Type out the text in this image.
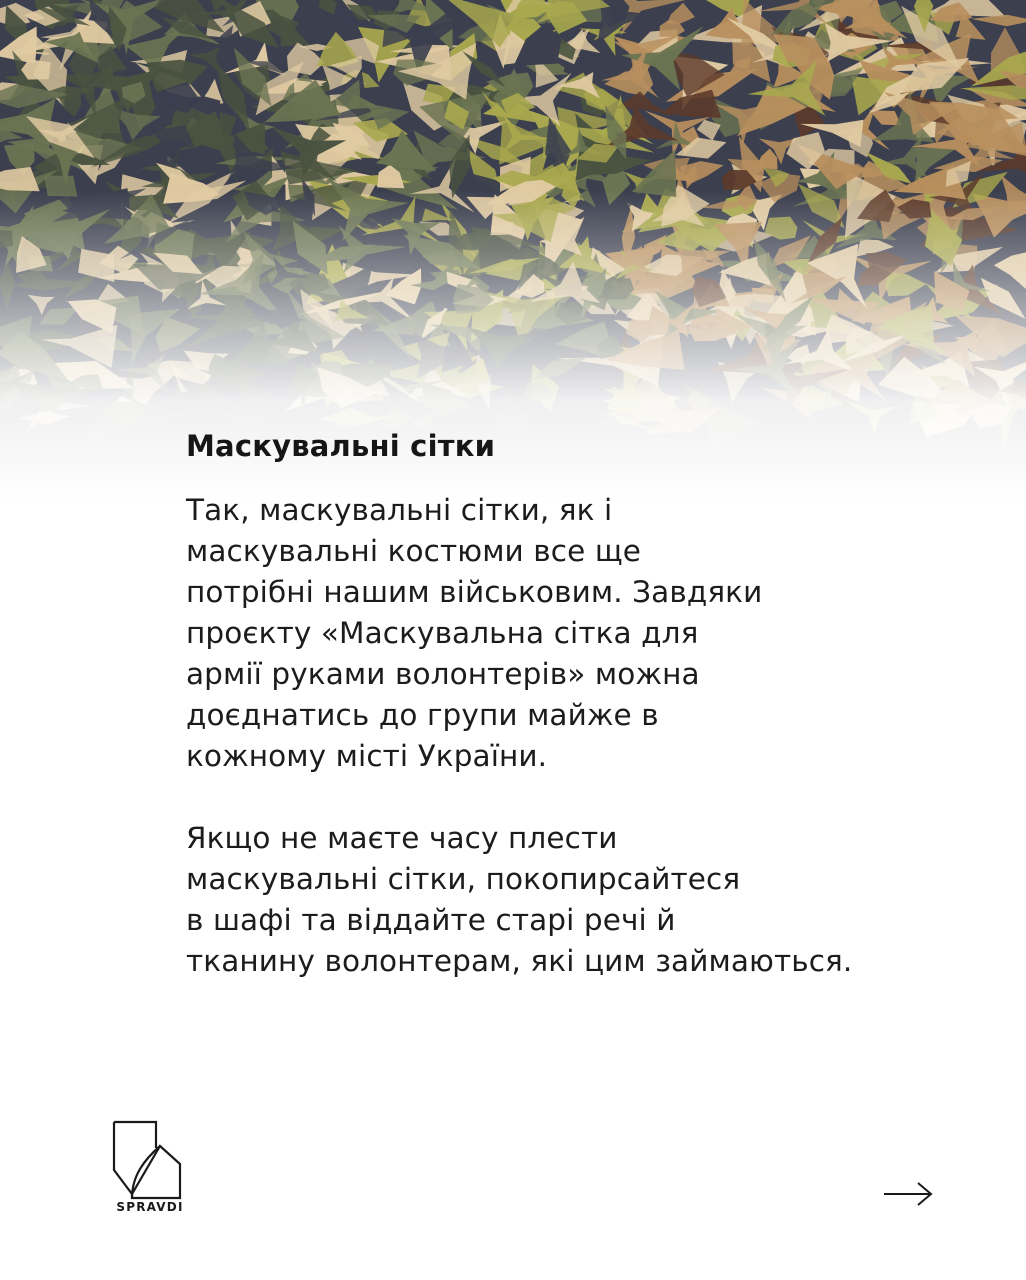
Маскувальні сітки

Так, маскувальні сітки, як і
маскувальні костюми все ще
потрібні нашим військовим. Завдяки
проєкту «Маскувальна сітка для
армії руками волонтерів» можна
доєднатись до групи майже в
кожному місті України.

Якщо не маєте часу плести
маскувальні сітки, покопирсайтеся
в шафі та віддайте старі речі й
тканину волонтерам, які цим займаються.

SPRAVDI
